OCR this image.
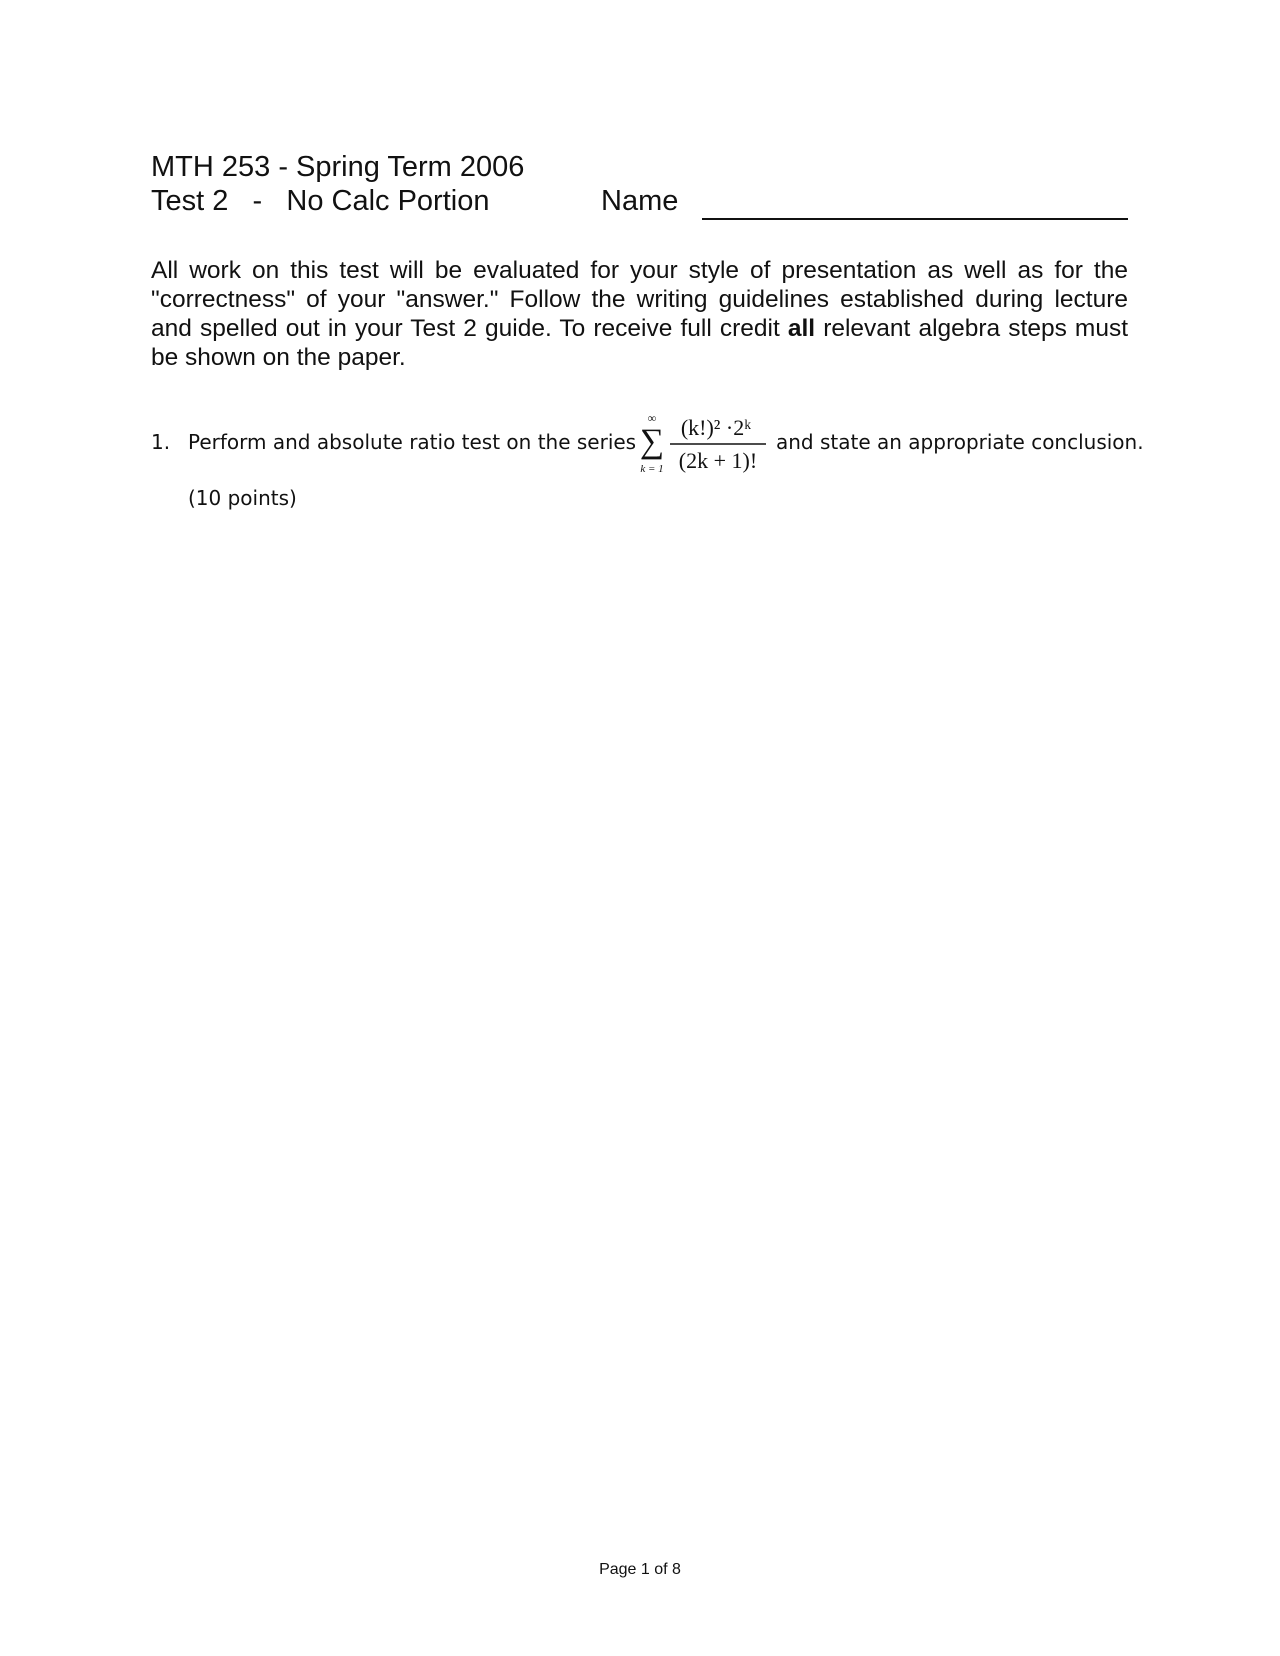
MTH 253 - Spring Term 2006
Test 2   -   No Calc Portion	Name
All work on this test will be evaluated for your style of presentation as well as for the "correctness" of your "answer." Follow the writing guidelines established during lecture and spelled out in your Test 2 guide. To receive full credit all relevant algebra steps must be shown on the paper.
1. Perform and absolute ratio test on the series
∞
∑
k = 1
(k!)² ·2ᵏ
(2k + 1)!
and state an appropriate conclusion.
(10 points)
Page 1 of 8
